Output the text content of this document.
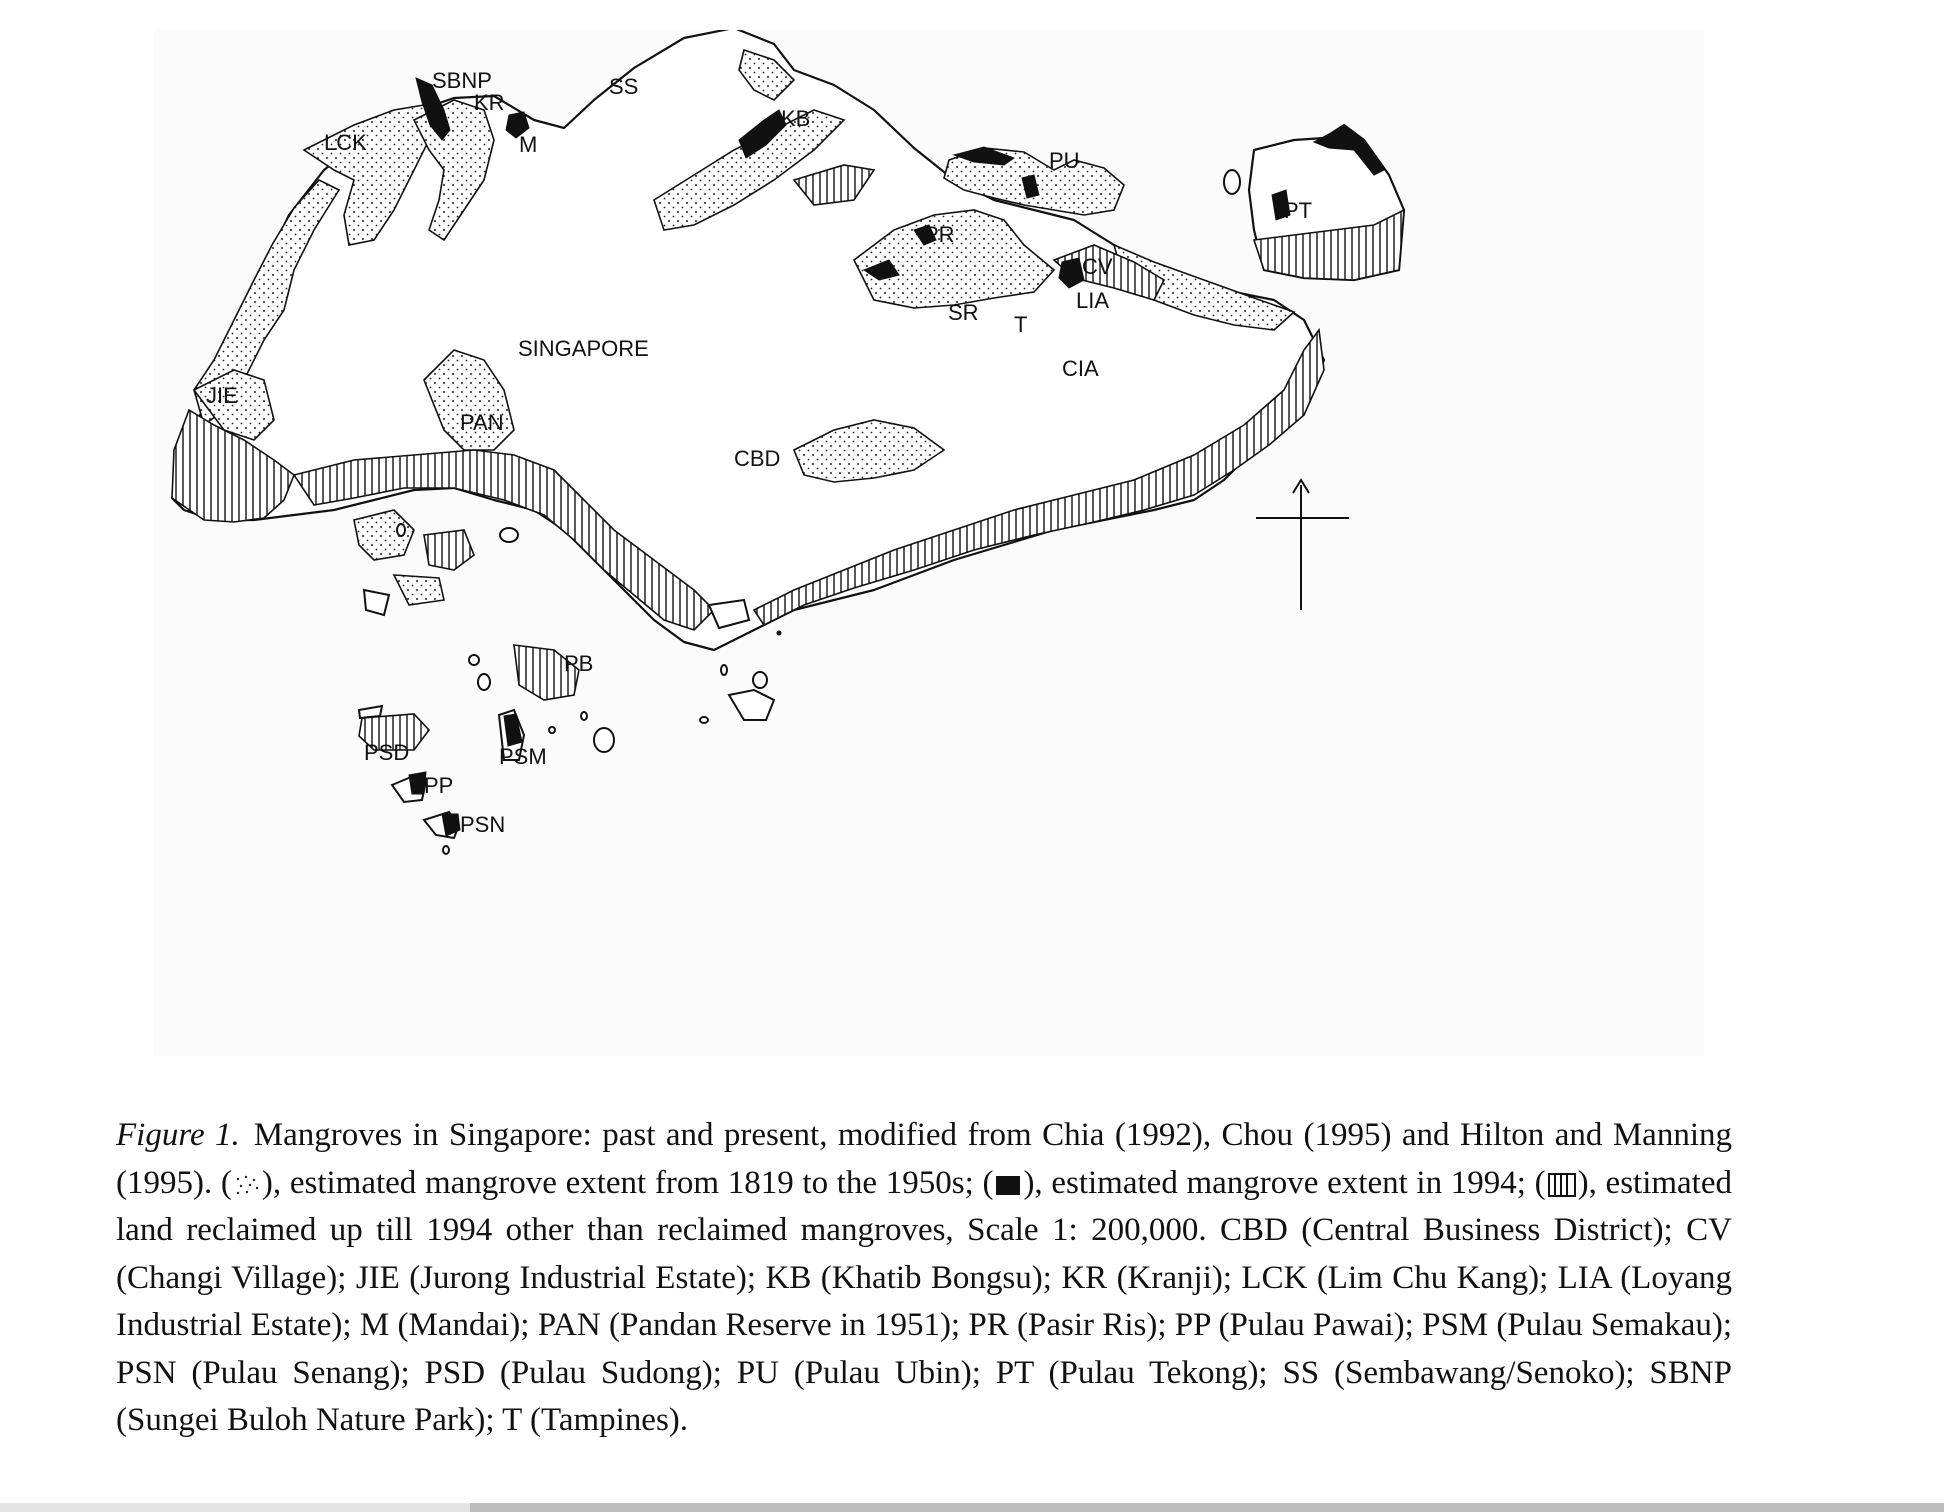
SINGAPORE
SBNP
KR
M
LCK
SS
KB
PU
PT
PR
CV
LIA
SR T
CIA
JIE
PAN
CBD
PB
PSD	PSM
PP
PSN
Figure 1. Mangroves in Singapore: past and present, modified from Chia (1992), Chou (1995) and Hilton and Manning (1995). ( ), estimated mangrove extent from 1819 to the 1950s; ( ), estimated mangrove extent in 1994; ( ), estimated land reclaimed up till 1994 other than reclaimed mangroves, Scale 1: 200,000. CBD (Central Business District); CV (Changi Village); JIE (Jurong Industrial Estate); KB (Khatib Bongsu); KR (Kranji); LCK (Lim Chu Kang); LIA (Loyang Industrial Estate); M (Mandai); PAN (Pandan Reserve in 1951); PR (Pasir Ris); PP (Pulau Pawai); PSM (Pulau Semakau); PSN (Pulau Senang); PSD (Pulau Sudong); PU (Pulau Ubin); PT (Pulau Tekong); SS (Sembawang/Senoko); SBNP (Sungei Buloh Nature Park); T (Tampines).
